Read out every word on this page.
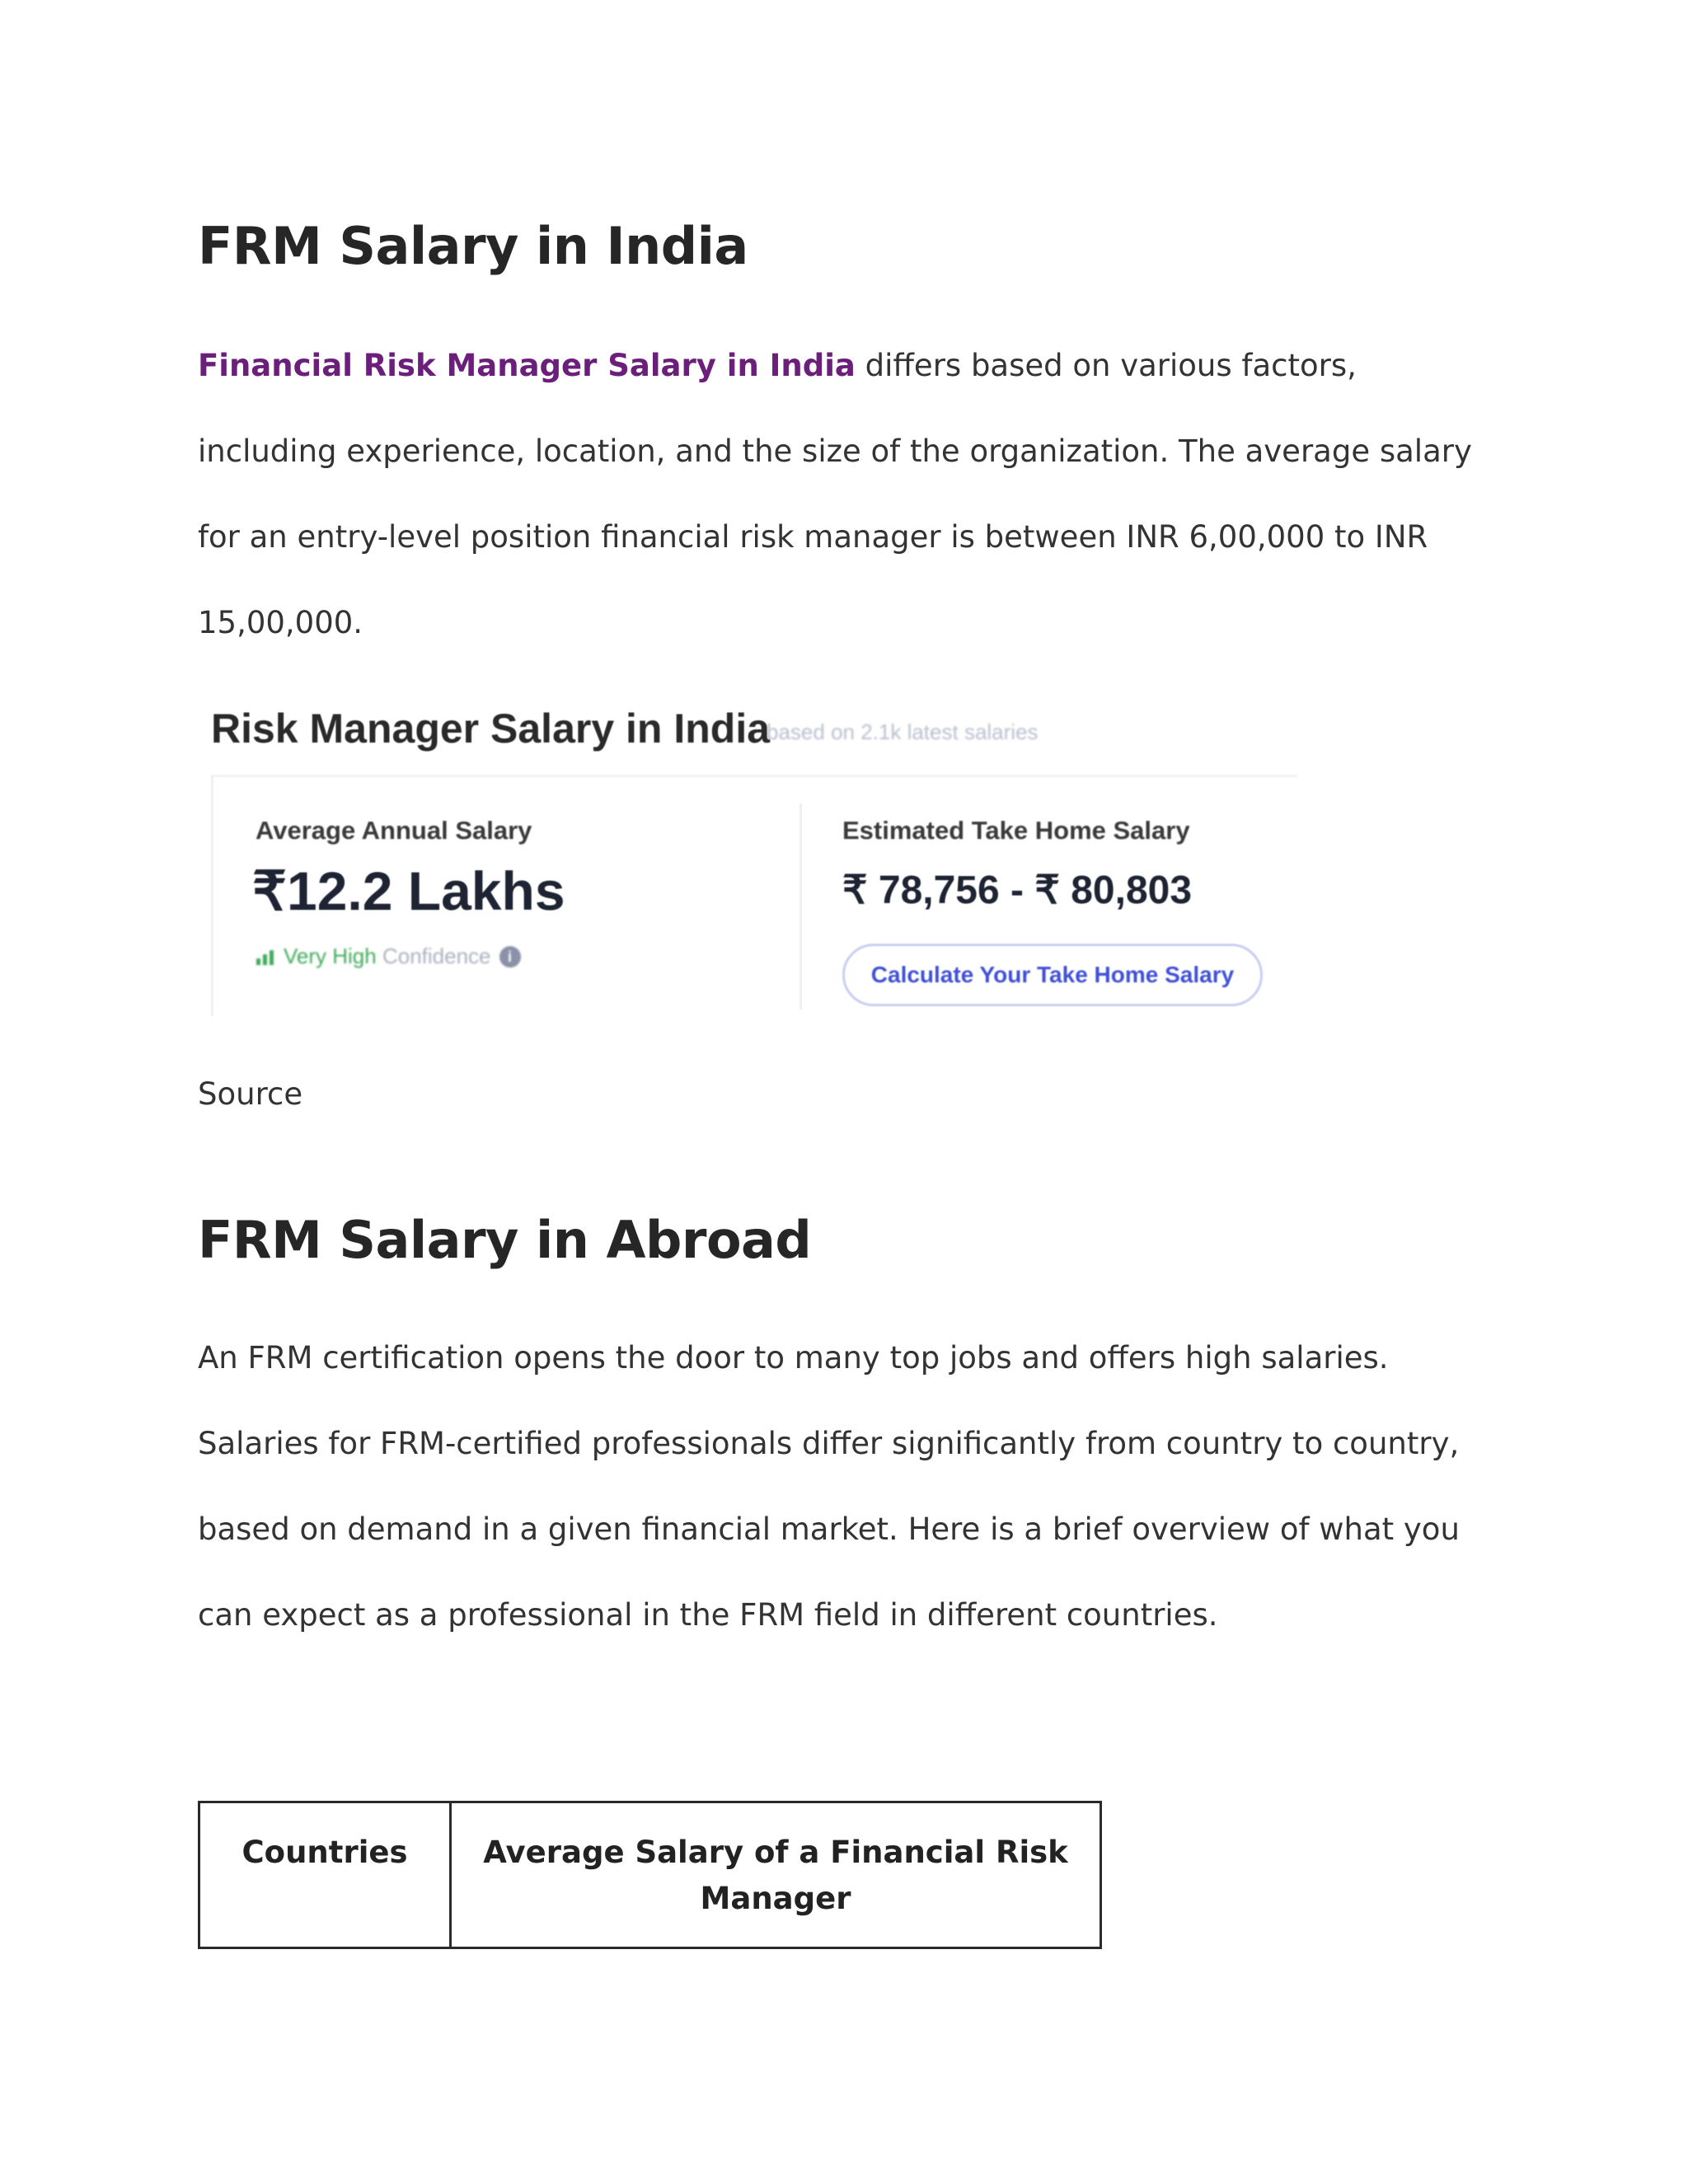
FRM Salary in India

Financial Risk Manager Salary in India differs based on various factors, including experience, location, and the size of the organization. The average salary for an entry-level position financial risk manager is between INR 6,00,000 to INR 15,00,000.

Risk Manager Salary in India
based on 2.1k latest salaries
Average Annual Salary
₹12.2 Lakhs
Very High Confidence	i
Estimated Take Home Salary
₹ 78,756 - ₹ 80,803
Calculate Your Take Home Salary

Source

FRM Salary in Abroad

An FRM certification opens the door to many top jobs and offers high salaries. Salaries for FRM-certified professionals differ significantly from country to country, based on demand in a given financial market. Here is a brief overview of what you can expect as a professional in the FRM field in different countries.

Countries	Average Salary of a Financial Risk Manager
